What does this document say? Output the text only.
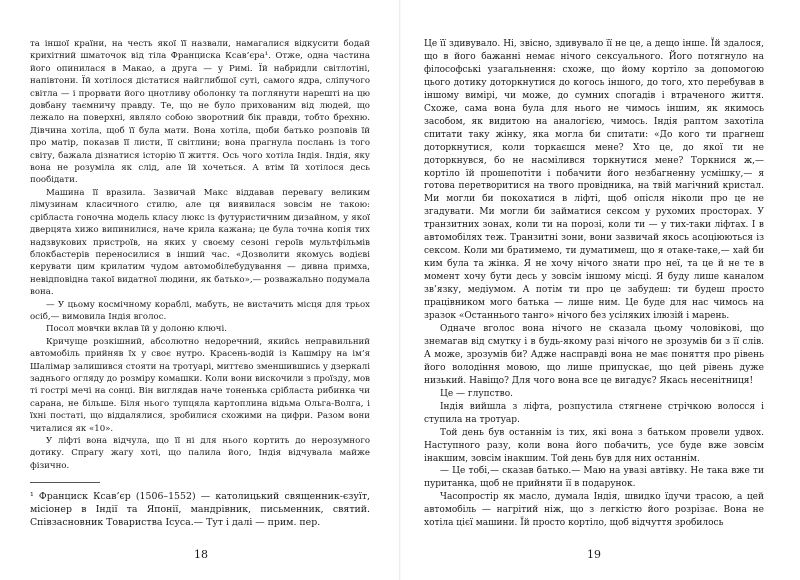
та іншої країни, на честь якої її назвали, намагалися відкусити бодай крихітний шматочок від тіла Франциска Ксав’єра¹. Отже, одна частина його опинилася в Макао, а друга — у Римі. Їй набридли світлотіні, напівтони. Їй хотілося дістатися найглибшої суті, самого ядра, сліпучого світла — і прорвати його цнотливу оболонку та поглянути нарешті на цю довбану таємничу правду. Те, що не було прихованим від людей, що лежало на поверхні, являло собою зворотний бік правди, тобто брехню. Дівчина хотіла, щоб її була мати. Вона хотіла, щоби батько розповів їй про матір, показав її листи, її світлини; вона прагнула послань із того світу, бажала дізнатися історію її життя. Ось чого хотіла Індія. Індія, яку вона не розуміла як слід, але їй хочеться. А втім їй хотілося десь пообідати.

Машина її вразила. Зазвичай Макс віддавав перевагу великим лімузинам класичного стилю, але ця виявилася зовсім не такою: сріблаcта гоночна модель класу люкс із футуристичним дизайном, у якої дверцята хижо випинилися, наче крила кажана; це була точна копія тих надзвукових пристроїв, на яких у своєму сезоні героїв мультфільмів блокбастерів переносилися в інший час. «Дозволити якомусь водієві керувати цим крилатим чудом автомобілебудування — дивна примха, невідповідна такої видатної людини, як батько»,— розважально подумала вона.

— У цьому космічному кораблі, мабуть, не вистачить місця для трьох осіб,— вимовила Індія вголос.

Посол мовчки вклав їй у долоню ключі.

Кричуще розкішний, абсолютно недоречний, якийсь неправильний автомобіль прийняв їх у своє нутро. Красень-водій із Кашміру на ім’я Шалімар залишився стояти на тротуарі, миттєво зменшившись у дзеркалі заднього огляду до розміру комашки. Коли вони вискочили з проїзду, мов ті гострі мечі на сонці. Він виглядав наче тоненька сріблаcта рибинка чи сарана, не більше. Біля нього тупцяла картоплина відьма Ольга-Волга, і їхні постаті, що віддалялися, зробилися схожими на цифри. Разом вони читалися як «10».

У ліфті вона відчула, що її ні для нього кортить до нерозумного дотику. Спрагу жагу хоті, що палила його, Індія відчувала майже фізично.

¹ Франциск Ксав’єр (1506–1552) — католицький священник-єзуїт, місіонер в Індії та Японії, мандрівник, письменник, святий. Співзасновник Товариства Ісуса.— Тут і далі — прим. пер.
18

Це її здивувало. Ні, звісно, здивувало її не це, а дещо інше. Їй здалося, що в його бажанні немає нічого сексуального. Його потягнуло на філософські узагальнення: схоже, що йому кортіло за допомогою цього дотику доторкнутися до когось іншого, до того, хто перебував в іншому вимірі, чи може, до сумних спогадів і втраченого життя. Схоже, сама вона була для нього не чимось іншим, як якимось засобом, як видитою на аналогією, чимось. Індія раптом захотіла спитати таку жінку, яка могла би спитати: «До кого ти прагнеш доторкнутися, коли торкаєшся мене? Хто це, до якої ти не доторкнувся, бо не насмілився торкнутися мене? Торкнися ж,— кортіло їй прошепотіти і побачити його незбагненну усмішку,— я готова перетворитися на твого провідника, на твій магічний кристал. Ми могли би покохатися в ліфті, щоб опісля ніколи про це не згадувати. Ми могли би займатися сексом у рухомих просторах. У транзитних зонах, коли ти на порозі, коли ти — у тих-таки ліфтах. І в автомобілях теж. Транзитні зони, вони зазвичай якось асоціюються із сексом. Коли ми братимемо, ти думатимеш, що я отаке-таке,— хай би ким була та жінка. Я не хочу нічого знати про неї, та це й не те в момент хочу бути десь у зовсім іншому місці. Я буду лише каналом зв’язку, медіумом. А потім ти про це забудеш: ти будеш просто працівником мого батька — лише ним. Це буде для нас чимось на зразок «Останнього танго» нічого без усіляких ілюзій і марень.

Одначе вголос вона нічого не сказала цьому чоловікові, що знемагав від смутку і в будь-якому разі нічого не зрозумів би з її слів. А може, зрозумів би? Адже насправді вона не має поняття про рівень його володіння мовою, що лише припускає, що цей рівень дуже низький. Навіщо? Для чого вона все це вигадує? Якась несенітниця!

Це — глупство.

Індія вийшла з ліфта, розпустила стягнене стрічкою волосся і ступила на тротуар.

Той день був останнім із тих, які вона з батьком провели удвох. Наступного разу, коли вона його побачить, усе буде вже зовсім інакшим, зовсім інакшим. Той день був для них останнім.

— Це тобі,— сказав батько.— Маю на увазі автівку. Не така вже ти пуританка, щоб не прийняти її в подарунок.

Часопростір як масло, думала Індія, швидко їдучи трасою, а цей автомобіль — нагрітий ніж, що з легкістю його розрізає. Вона не хотіла цієї машини. Їй просто кортіло, щоб відчуття зробилось

19
